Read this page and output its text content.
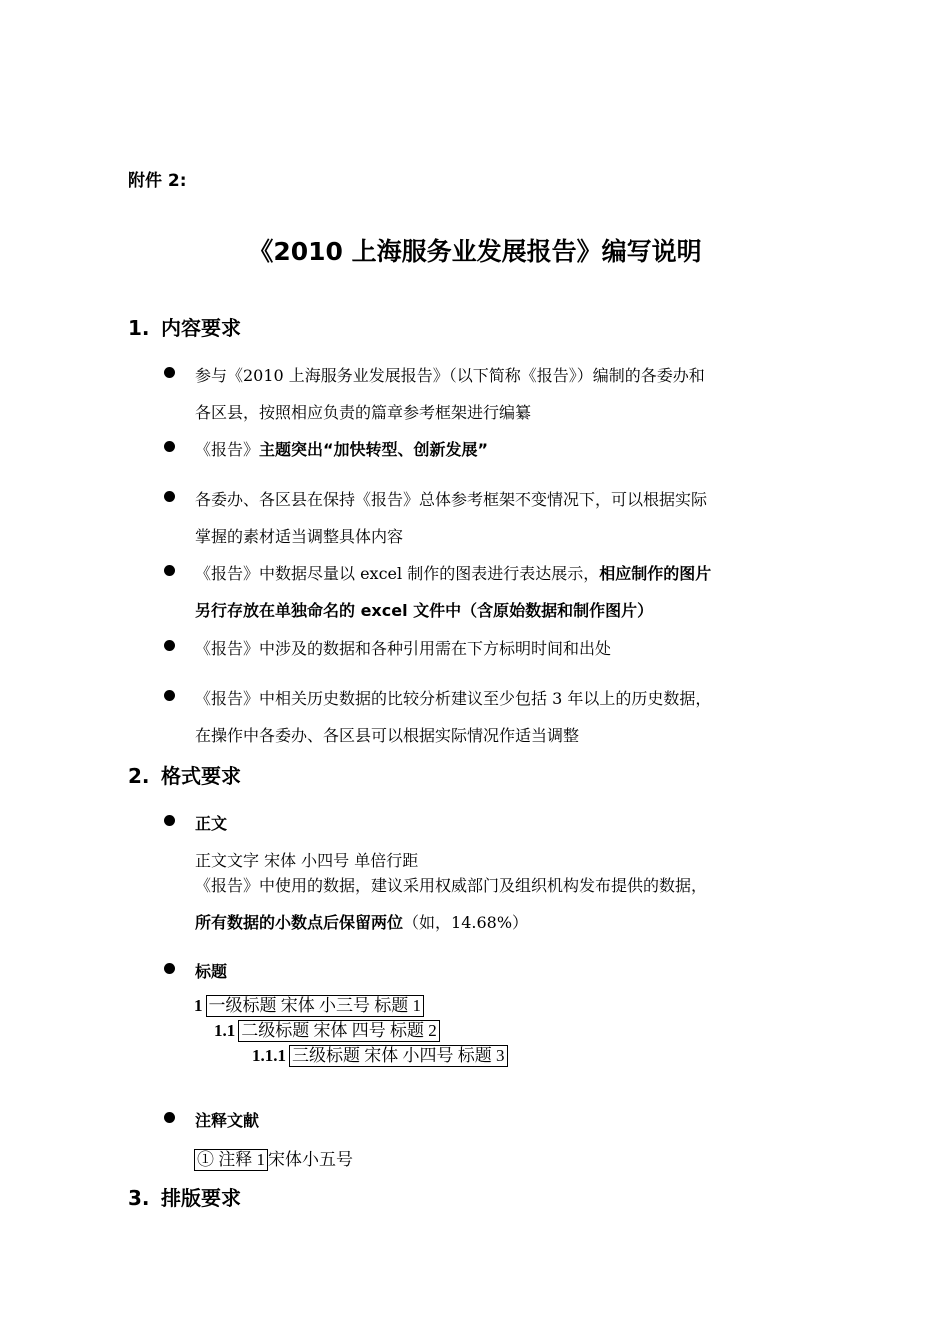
附件 2:
《2010 上海服务业发展报告》编写说明
1. 内容要求
参与《2010 上海服务业发展报告》（以下简称《报告》）编制的各委办和
各区县，按照相应负责的篇章参考框架进行编纂
《报告》主题突出“加快转型、创新发展”
各委办、各区县在保持《报告》总体参考框架不变情况下，可以根据实际
掌握的素材适当调整具体内容
《报告》中数据尽量以 excel 制作的图表进行表达展示，相应制作的图片
另行存放在单独命名的 excel 文件中（含原始数据和制作图片）
《报告》中涉及的数据和各种引用需在下方标明时间和出处
《报告》中相关历史数据的比较分析建议至少包括 3 年以上的历史数据，
在操作中各委办、各区县可以根据实际情况作适当调整
2. 格式要求
正文
正文文字 宋体 小四号 单倍行距
《报告》中使用的数据，建议采用权威部门及组织机构发布提供的数据，
所有数据的小数点后保留两位（如，14.68%）
标题
1 一级标题 宋体 小三号 标题 1
1.1 二级标题 宋体 四号 标题 2
1.1.1 三级标题 宋体 小四号 标题 3
注释文献
① 注释 1 宋体小五号
3. 排版要求
